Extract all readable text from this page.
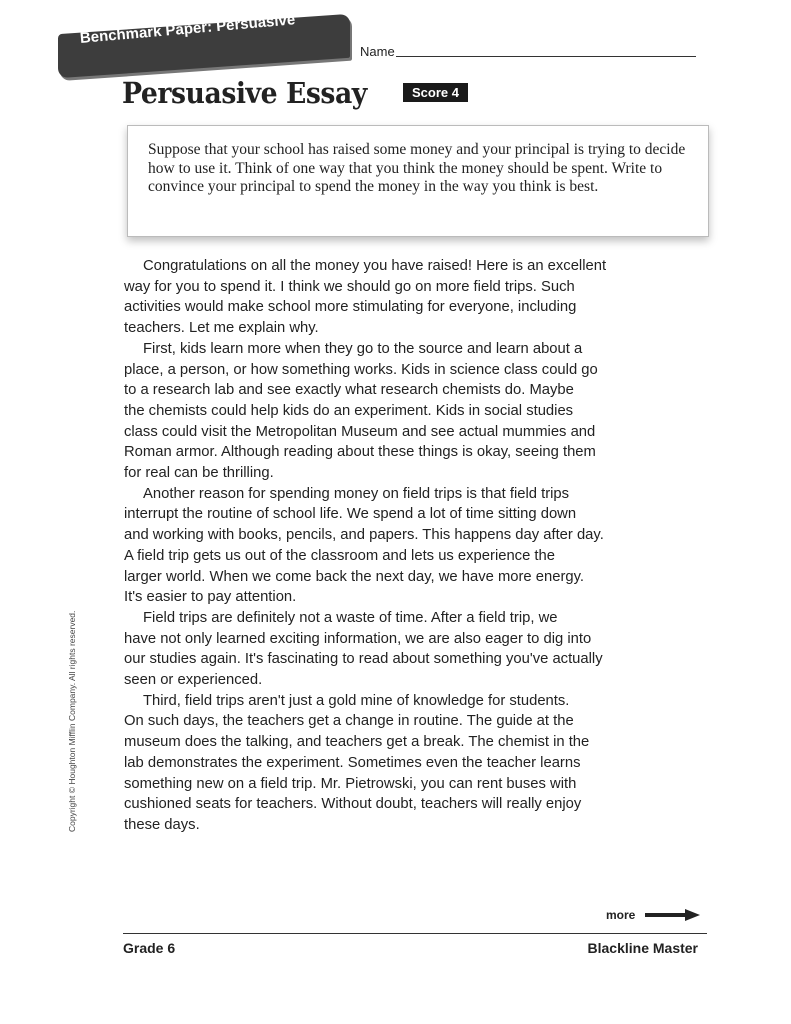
Benchmark Paper: Persuasive
Name
Persuasive Essay	Score 4
Suppose that your school has raised some money and your principal is trying to decide how to use it. Think of one way that you think the money should be spent. Write to convince your principal to spend the money in the way you think is best.
Congratulations on all the money you have raised! Here is an excellent
way for you to spend it. I think we should go on more field trips. Such
activities would make school more stimulating for everyone, including
teachers. Let me explain why.
First, kids learn more when they go to the source and learn about a
place, a person, or how something works. Kids in science class could go
to a research lab and see exactly what research chemists do. Maybe
the chemists could help kids do an experiment. Kids in social studies
class could visit the Metropolitan Museum and see actual mummies and
Roman armor. Although reading about these things is okay, seeing them
for real can be thrilling.
Another reason for spending money on field trips is that field trips
interrupt the routine of school life. We spend a lot of time sitting down
and working with books, pencils, and papers. This happens day after day.
A field trip gets us out of the classroom and lets us experience the
larger world. When we come back the next day, we have more energy.
It's easier to pay attention.
Field trips are definitely not a waste of time. After a field trip, we
have not only learned exciting information, we are also eager to dig into
our studies again. It's fascinating to read about something you've actually
seen or experienced.
Third, field trips aren't just a gold mine of knowledge for students.
On such days, the teachers get a change in routine. The guide at the
museum does the talking, and teachers get a break. The chemist in the
lab demonstrates the experiment. Sometimes even the teacher learns
something new on a field trip. Mr. Pietrowski, you can rent buses with
cushioned seats for teachers. Without doubt, teachers will really enjoy
these days.
Copyright © Houghton Mifflin Company. All rights reserved.
more
Grade 6	Blackline Master
